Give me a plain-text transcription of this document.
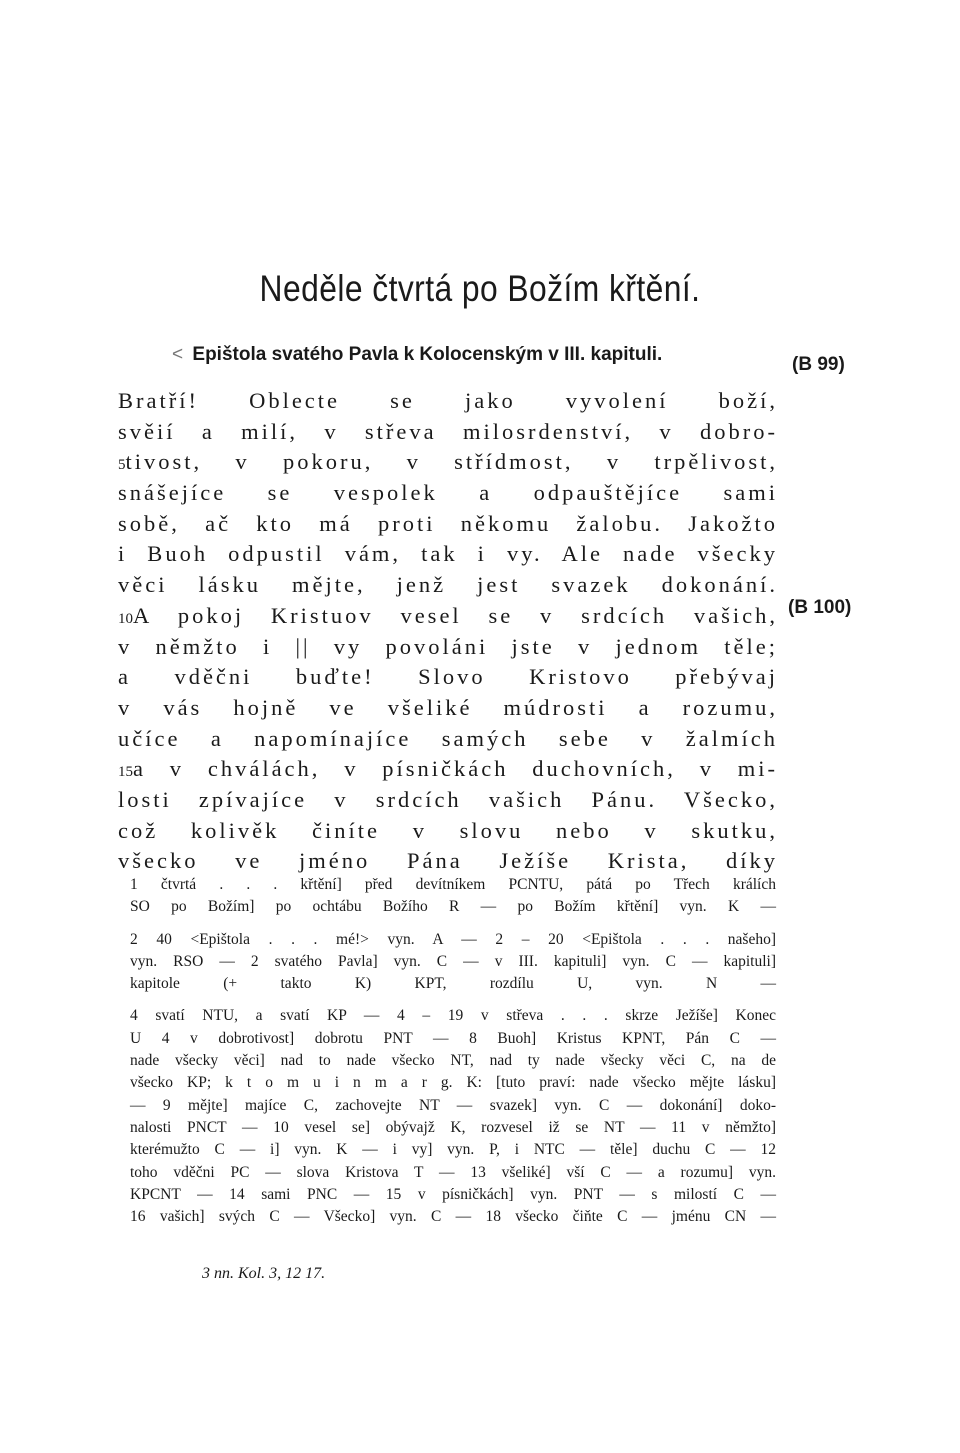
Neděle čtvrtá po Božím křtění.
< Epištola svatého Pavla k Kolocenským v III. kapituli.	(B 99)
(B 100)
Bratří! Oblecte se jako vyvolení boží,
svěií a milí, v střeva milosrdenství, v dobro-
5tivost, v pokoru, v střídmost, v trpělivost,
snášejíce se vespolek a odpauštějíce sami
sobě, ač kto má proti někomu žalobu. Jakožto
i Buoh odpustil vám, tak i vy. Ale nade všecky
věci lásku mějte, jenž jest svazek dokonání.
10A pokoj Kristuov vesel se v srdcích vašich,
v němžto i || vy povoláni jste v jednom těle;
a vděčni buďte! Slovo Kristovo přebývaj
v vás hojně ve všeliké múdrosti a rozumu,
učíce a napomínajíce samých sebe v žalmích
15a v chválách, v písničkách duchovních, v mi-
losti zpívajíce v srdcích vašich Pánu. Všecko,
což kolivěk činíte v slovu nebo v skutku,
všecko ve jméno Pána Ježíše Krista, díky
1 čtvrtá . . . křtění] před devítníkem PCNTU, pátá po Třech králích
SO po Božím] po ochtábu Božího R — po Božím křtění] vyn. K —
2 40 <Epištola . . . mé!> vyn. A — 2 – 20 <Epištola . . . našeho]
vyn. RSO — 2 svatého Pavla] vyn. C — v III. kapituli] vyn. C — kapituli]
kapitole (+ takto K) KPT, rozdílu U, vyn. N —
4 svatí NTU, a svatí KP — 4 – 19 v střeva . . . skrze Ježíše] Konec
U 4 v dobrotivost] dobrotu PNT — 8 Buoh] Kristus KPNT, Pán C —
nade všecky věci] nad to nade všecko NT, nad ty nade všecky věci C, na de
všecko KP; k t o m u i n m a r g. K: [tuto praví: nade všecko mějte lásku]
— 9 mějte] majíce C, zachovejte NT — svazek] vyn. C — dokonání] doko-
nalosti PNCT — 10 vesel se] obývajž K, rozvesel iž se NT — 11 v němžto]
kterémužto C — i] vyn. K — i vy] vyn. P, i NTC — těle] duchu C — 12
toho vděčni PC — slova Kristova T — 13 všeliké] vší C — a rozumu] vyn.
KPCNT — 14 sami PNC — 15 v písničkách] vyn. PNT — s milostí C —
16 vašich] svých C — Všecko] vyn. C — 18 všecko čiňte C — jménu CN —
3 nn. Kol. 3, 12 17.
